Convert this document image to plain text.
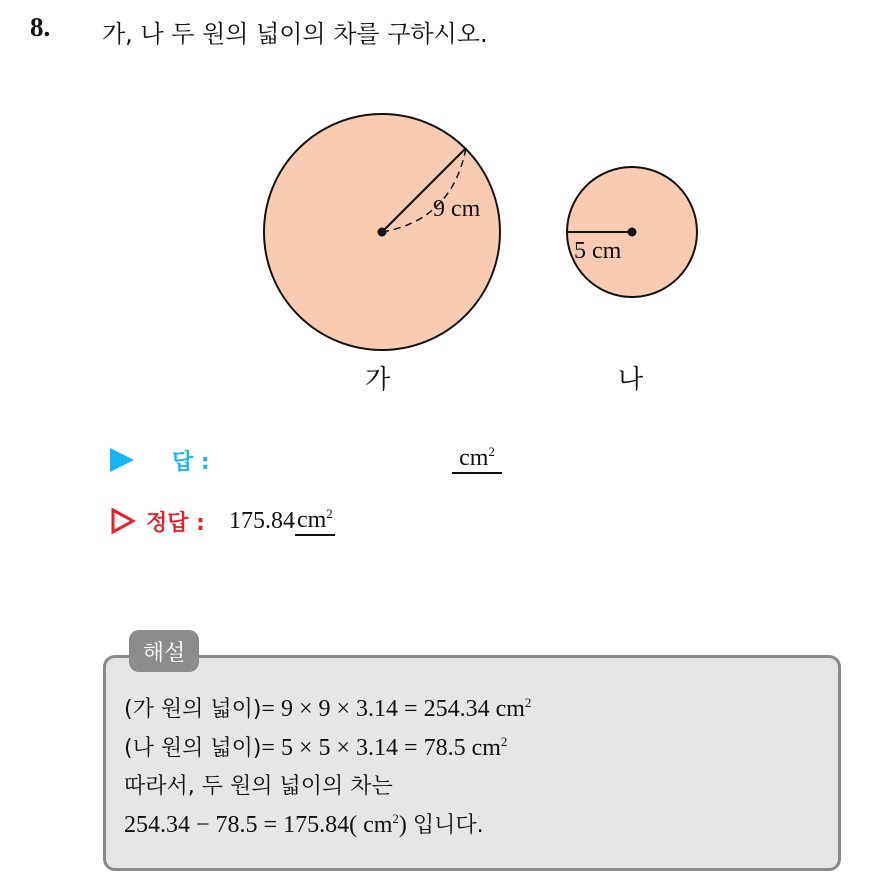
8. 가, 나 두 원의 넓이의 차를 구하시오.
9 cm
가
5 cm
나
답 :	$cm^2$
정답 : 175.84 $cm^2$
해설
(가 원의 넓이)= 9 × 9 × 3.14 = 254.34 $cm^2$
(나 원의 넓이)= 5 × 5 × 3.14 = 78.5 $cm^2$
따라서, 두 원의 넓이의 차는
254.34 − 78.5 = 175.84( $cm^2$) 입니다.
